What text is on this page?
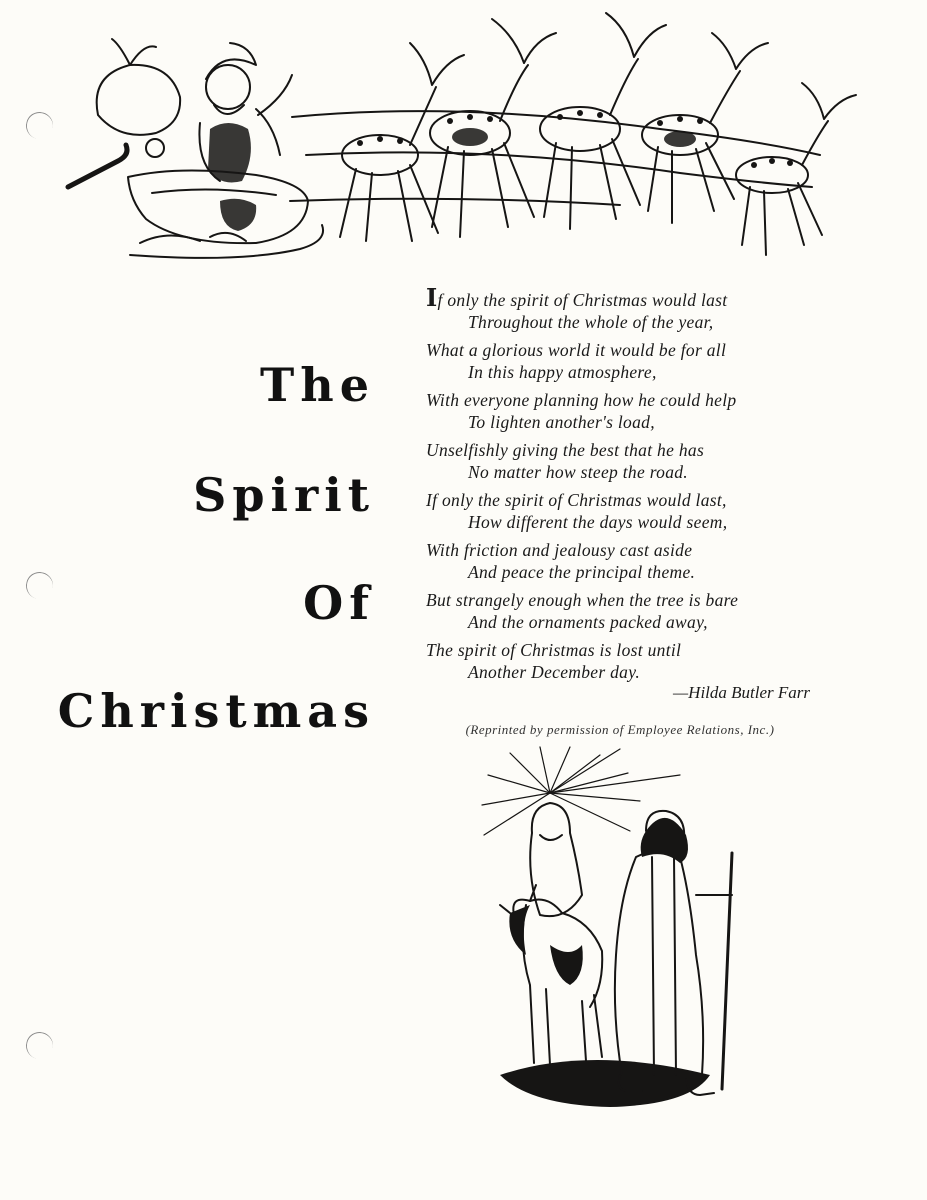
The
Spirit
Of
Christmas
If only the spirit of Christmas would last
Throughout the whole of the year,
What a glorious world it would be for all
In this happy atmosphere,
With everyone planning how he could help
To lighten another's load,
Unselfishly giving the best that he has
No matter how steep the road.
If only the spirit of Christmas would last,
How different the days would seem,
With friction and jealousy cast aside
And peace the principal theme.
But strangely enough when the tree is bare
And the ornaments packed away,
The spirit of Christmas is lost until
Another December day.
—Hilda Butler Farr
(Reprinted by permission of Employee Relations, Inc.)
